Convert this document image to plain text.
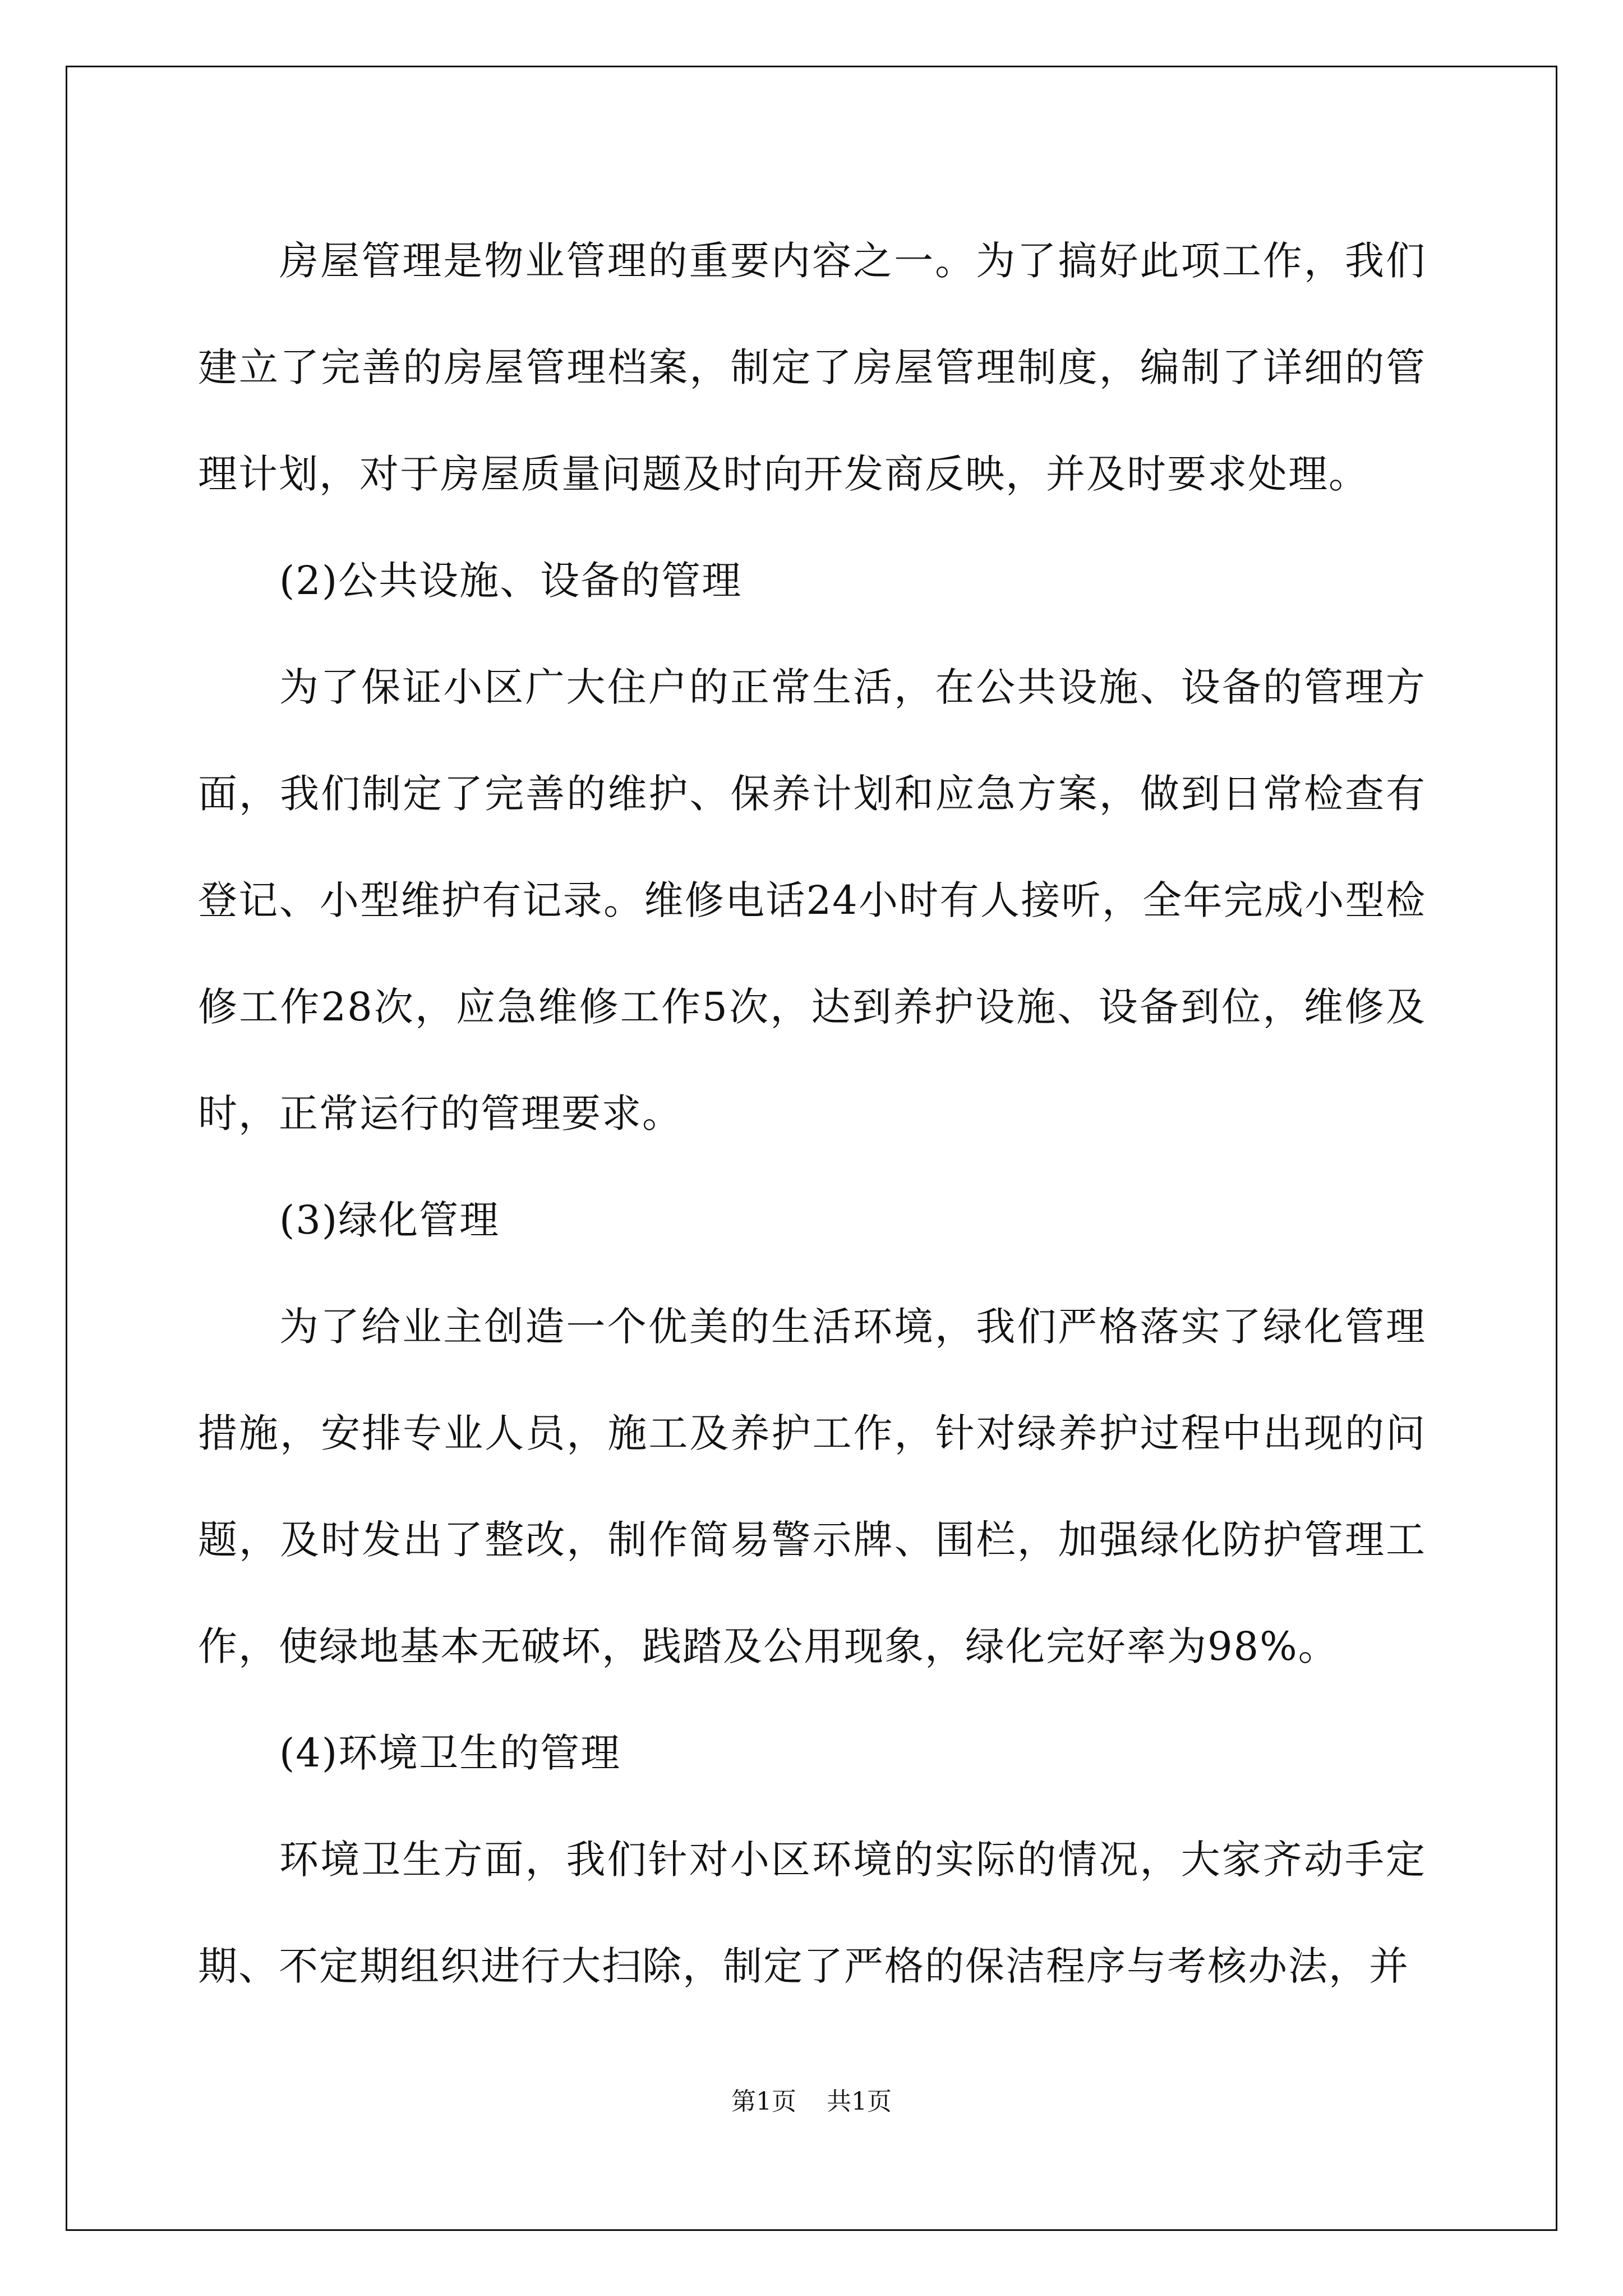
房屋管理是物业管理的重要内容之一。为了搞好此项工作，我们建立了完善的房屋管理档案，制定了房屋管理制度，编制了详细的管理计划，对于房屋质量问题及时向开发商反映，并及时要求处理。

(2)公共设施、设备的管理

为了保证小区广大住户的正常生活，在公共设施、设备的管理方面，我们制定了完善的维护、保养计划和应急方案，做到日常检查有登记、小型维护有记录。维修电话24小时有人接听，全年完成小型检修工作28次，应急维修工作5次，达到养护设施、设备到位，维修及时，正常运行的管理要求。

(3)绿化管理

为了给业主创造一个优美的生活环境，我们严格落实了绿化管理措施，安排专业人员，施工及养护工作，针对绿养护过程中出现的问题，及时发出了整改，制作简易警示牌、围栏，加强绿化防护管理工作，使绿地基本无破坏，践踏及公用现象，绿化完好率为98%。

(4)环境卫生的管理

环境卫生方面，我们针对小区环境的实际的情况，大家齐动手定期、不定期组织进行大扫除，制定了严格的保洁程序与考核办法，并

第1页 共1页
